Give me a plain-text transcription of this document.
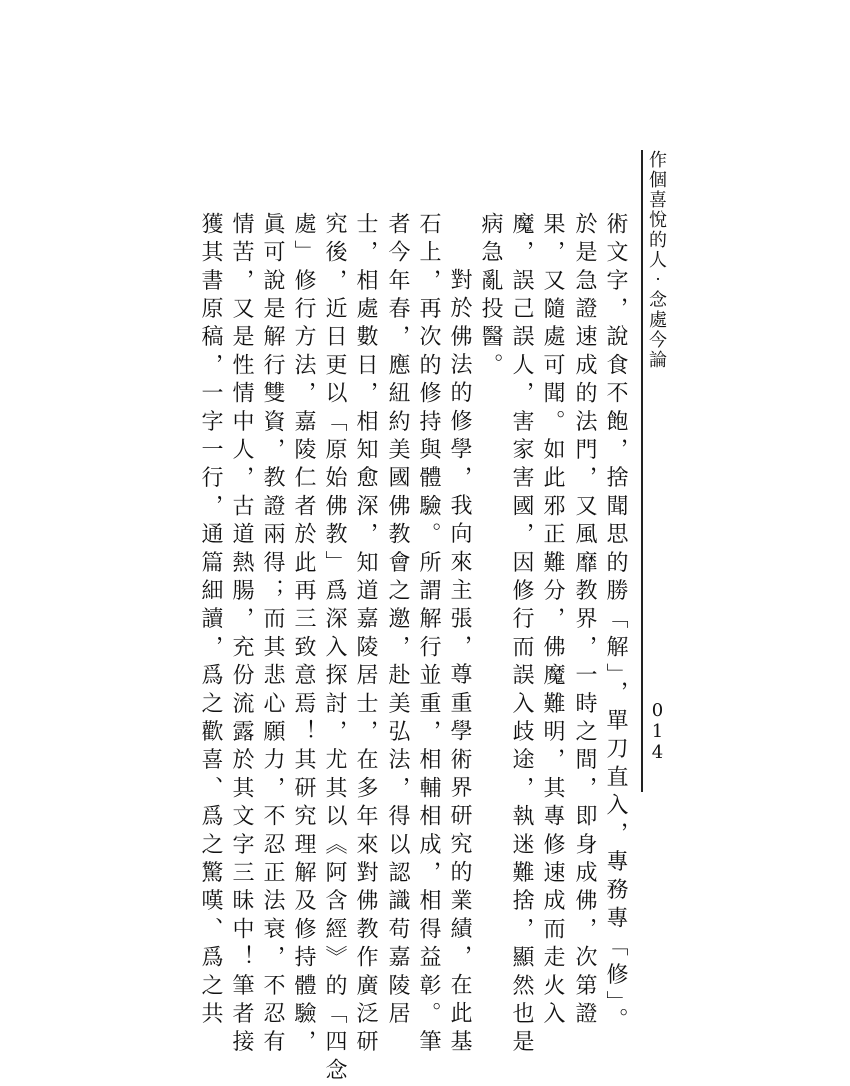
作個喜悅的人‧念處今論
014
術文字，說食不飽，捨聞思的勝「解」，單刀直入，專務專「修」。
於是急證速成的法門，又風靡教界，一時之間，即身成佛，次第證
果，又隨處可聞。如此邪正難分，佛魔難明，其專修速成而走火入
魔，誤己誤人，害家害國，因修行而誤入歧途，執迷難捨，顯然也是
病急亂投醫。
對於佛法的修學，我向來主張，尊重學術界研究的業績，在此基
石上，再次的修持與體驗。所謂解行並重，相輔相成，相得益彰。筆
者今年春，應紐約美國佛教會之邀，赴美弘法，得以認識苟嘉陵居
士，相處數日，相知愈深，知道嘉陵居士，在多年來對佛教作廣泛研
究後，近日更以「原始佛教」爲深入探討，尤其以《阿含經》的「四念
處」修行方法，嘉陵仁者於此再三致意焉！其研究理解及修持體驗，
眞可說是解行雙資，教證兩得；而其悲心願力，不忍正法衰，不忍有
情苦，又是性情中人，古道熱腸，充份流露於其文字三昧中！筆者接
獲其書原稿，一字一行，通篇細讀，爲之歡喜、爲之驚嘆、爲之共
